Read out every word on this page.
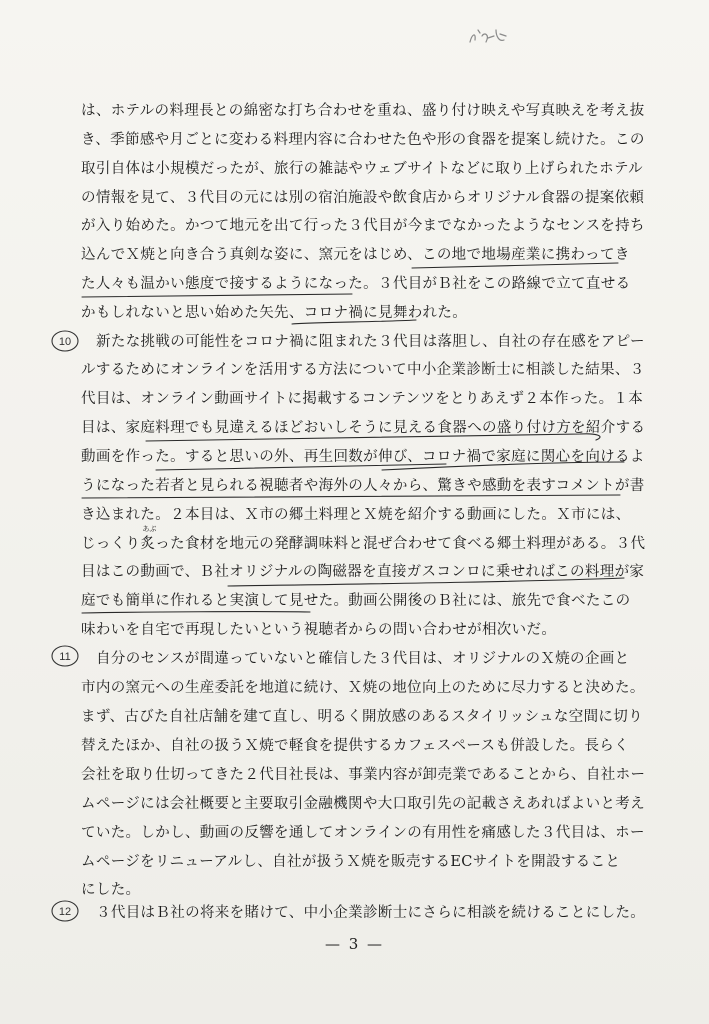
は、ホテルの料理長との綿密な打ち合わせを重ね、盛り付け映えや写真映えを考え抜
き、季節感や月ごとに変わる料理内容に合わせた色や形の食器を提案し続けた。この
取引自体は小規模だったが、旅行の雑誌やウェブサイトなどに取り上げられたホテル
の情報を見て、３代目の元には別の宿泊施設や飲食店からオリジナル食器の提案依頼
が入り始めた。かつて地元を出て行った３代目が今までなかったようなセンスを持ち
込んでＸ焼と向き合う真剣な姿に、窯元をはじめ、この地で地場産業に携わってき
た人々も温かい態度で接するようになった。３代目がＢ社をこの路線で立て直せる
かもしれないと思い始めた矢先、コロナ禍に見舞われた。
10 新たな挑戦の可能性をコロナ禍に阻まれた３代目は落胆し、自社の存在感をアピー
ルするためにオンラインを活用する方法について中小企業診断士に相談した結果、３
代目は、オンライン動画サイトに掲載するコンテンツをとりあえず２本作った。１本
目は、家庭料理でも見違えるほどおいしそうに見える食器への盛り付け方を紹介する
動画を作った。すると思いの外、再生回数が伸び、コロナ禍で家庭に関心を向けるよ
うになった若者と見られる視聴者や海外の人々から、驚きや感動を表すコメントが書
き込まれた。２本目は、Ｘ市の郷土料理とＸ焼を紹介する動画にした。Ｘ市には、
じっくり
あぶ
炙った食材を地元の発酵調味料と混ぜ合わせて食べる郷土料理がある。３代
目はこの動画で、Ｂ社オリジナルの陶磁器を直接ガスコンロに乗せればこの料理が家
庭でも簡単に作れると実演して見せた。動画公開後のＢ社には、旅先で食べたこの
味わいを自宅で再現したいという視聴者からの問い合わせが相次いだ。
11 自分のセンスが間違っていないと確信した３代目は、オリジナルのＸ焼の企画と
市内の窯元への生産委託を地道に続け、Ｘ焼の地位向上のために尽力すると決めた。
まず、古びた自社店舗を建て直し、明るく開放感のあるスタイリッシュな空間に切り
替えたほか、自社の扱うＸ焼で軽食を提供するカフェスペースも併設した。長らく
会社を取り仕切ってきた２代目社長は、事業内容が卸売業であることから、自社ホー
ムページには会社概要と主要取引金融機関や大口取引先の記載さえあればよいと考え
ていた。しかし、動画の反響を通してオンラインの有用性を痛感した３代目は、ホー
ムページをリニューアルし、自社が扱うＸ焼を販売するECサイトを開設すること
にした。
12 ３代目はＢ社の将来を賭けて、中小企業診断士にさらに相談を続けることにした。
— 3 —
